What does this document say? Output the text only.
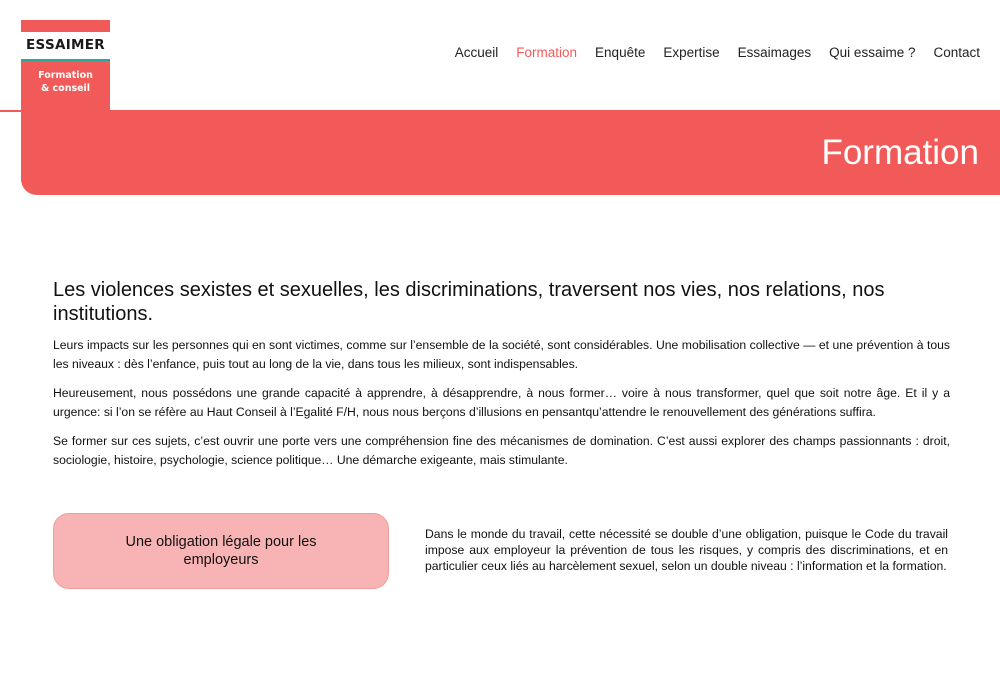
ESSAIMER
Formation
& conseil
Accueil Formation Enquête Expertise Essaimages Qui essaime ? Contact
Formation
Les violences sexistes et sexuelles, les discriminations, traversent nos vies, nos relations, nos institutions.

Leurs impacts sur les personnes qui en sont victimes, comme sur l’ensemble de la société, sont considérables. Une mobilisation collective — et une prévention à tous les niveaux : dès l’enfance, puis tout au long de la vie, dans tous les milieux, sont indispensables.

Heureusement, nous possédons une grande capacité à apprendre, à désapprendre, à nous former… voire à nous transformer, quel que soit notre âge. Et il y a urgence: si l’on se réfère au Haut Conseil à l’Egalité F/H, nous nous berçons d’illusions en pensantqu’attendre le renouvellement des générations suffira.

Se former sur ces sujets, c’est ouvrir une porte vers une compréhension fine des mécanismes de domination. C’est aussi explorer des champs passionnants : droit, sociologie, histoire, psychologie, science politique… Une démarche exigeante, mais stimulante.

Une obligation légale pour les employeurs

Dans le monde du travail, cette nécessité se double d’une obligation, puisque le Code du travail impose aux employeur la prévention de tous les risques, y compris des discriminations, et en particulier ceux liés au harcèlement sexuel, selon un double niveau : l’information et la formation.
